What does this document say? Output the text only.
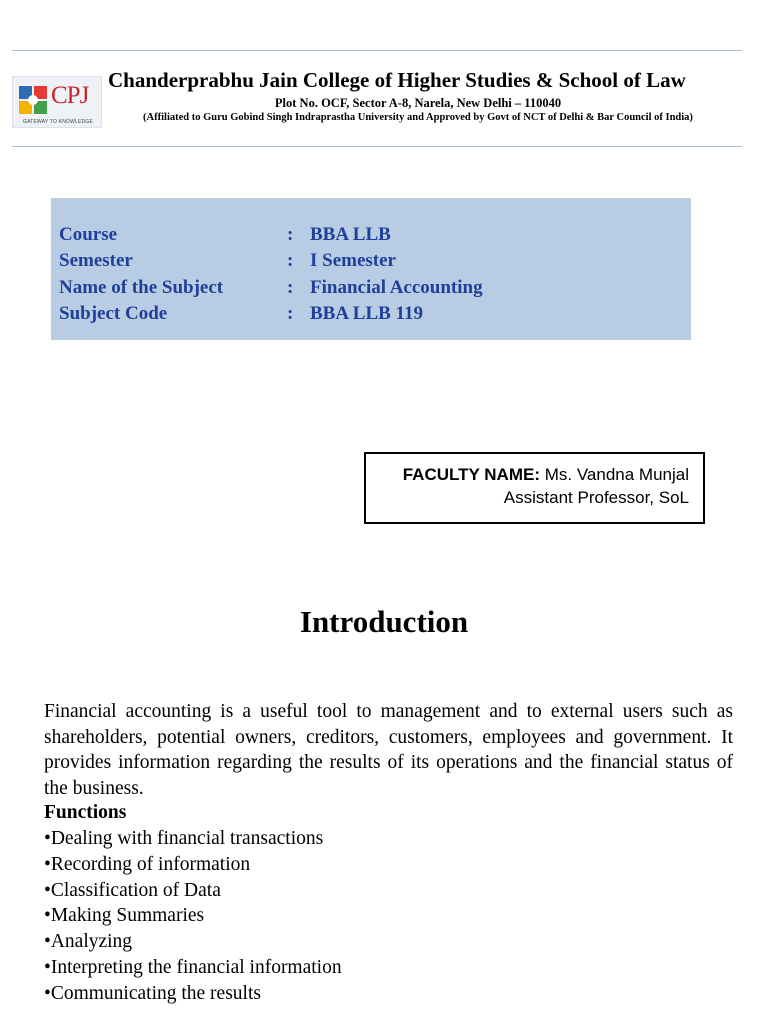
CPJ
GATEWAY TO KNOWLEDGE
Chanderprabhu Jain College of Higher Studies & School of Law
Plot No. OCF, Sector A-8, Narela, New Delhi – 110040
(Affiliated to Guru Gobind Singh Indraprastha University and Approved by Govt of NCT of Delhi & Bar Council of India)
Course	: BBA LLB
Semester	: I Semester
Name of the Subject	: Financial Accounting
Subject Code	: BBA LLB 119
FACULTY NAME: Ms. Vandna Munjal
Assistant Professor, SoL
Introduction

Financial accounting is a useful tool to management and to external users such as shareholders, potential owners, creditors, customers, employees and government. It provides information regarding the results of its operations and the financial status of the business.

Functions
•Dealing with financial transactions
•Recording of information
•Classification of Data
•Making Summaries
•Analyzing
•Interpreting the financial information
•Communicating the results
